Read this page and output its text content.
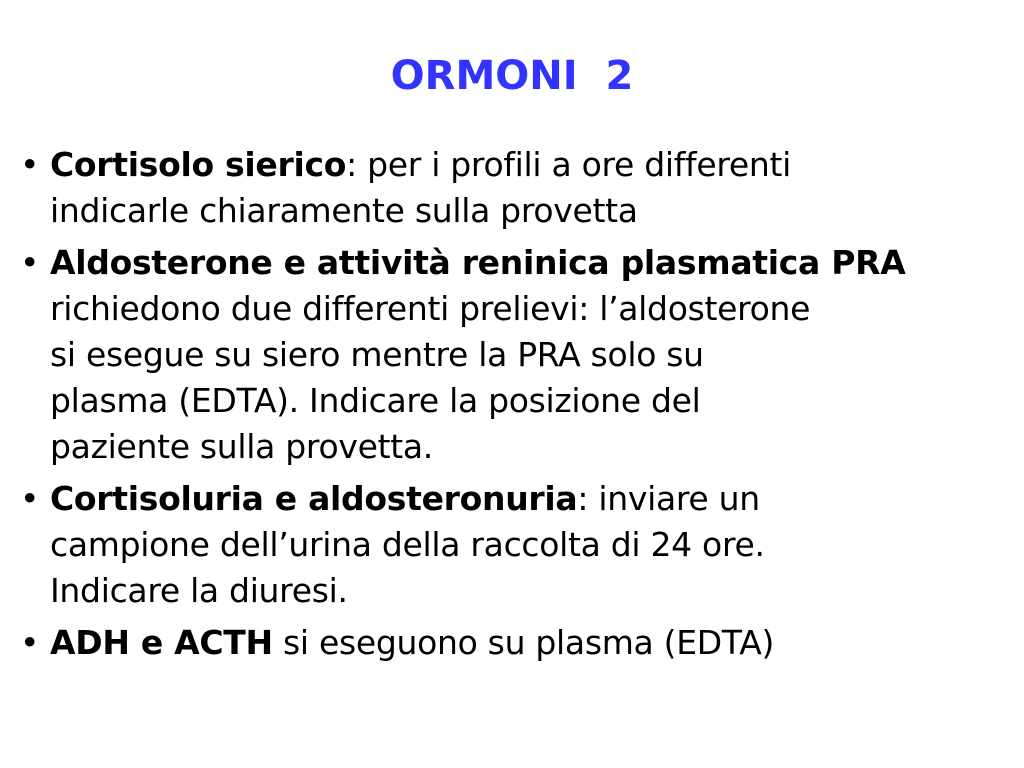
ORMONI  2
• Cortisolo sierico: per i profili a ore differenti
indicarle chiaramente sulla provetta
• Aldosterone e attività reninica plasmatica PRA
richiedono due differenti prelievi: l’aldosterone
si esegue su siero mentre la PRA solo su
plasma (EDTA). Indicare la posizione del
paziente sulla provetta.
• Cortisoluria e aldosteronuria: inviare un
campione dell’urina della raccolta di 24 ore.
Indicare la diuresi.
• ADH e ACTH si eseguono su plasma (EDTA)
